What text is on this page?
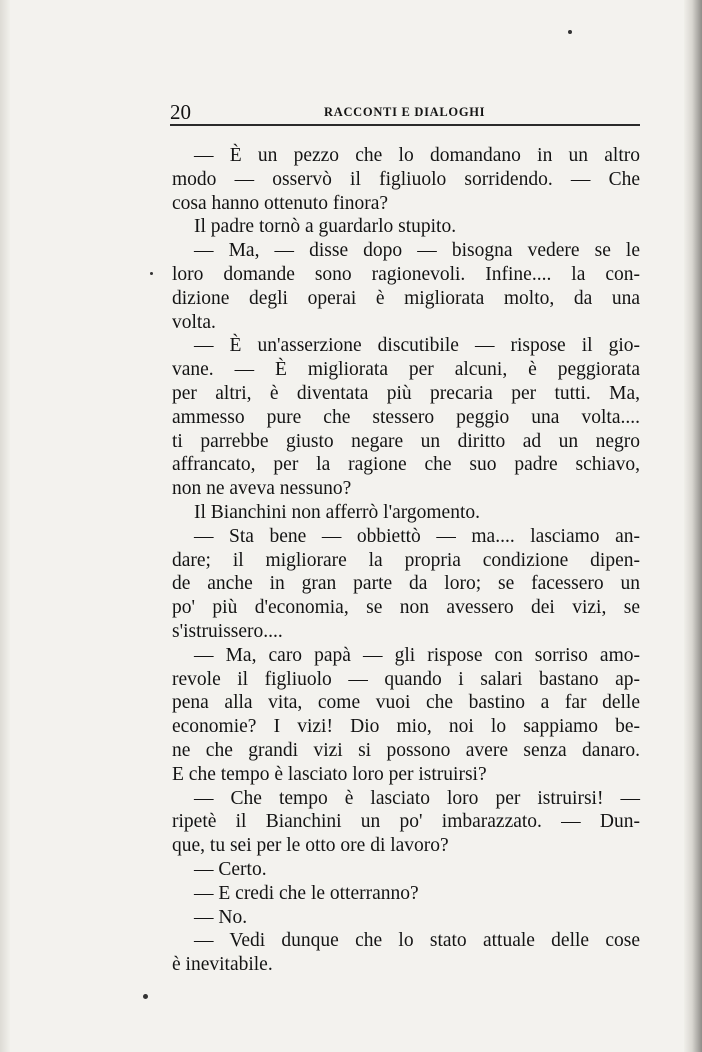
20	RACCONTI E DIALOGHI
— È un pezzo che lo domandano in un altro
modo — osservò il figliuolo sorridendo. — Che
cosa hanno ottenuto finora?
Il padre tornò a guardarlo stupito.
— Ma, — disse dopo — bisogna vedere se le
loro domande sono ragionevoli. Infine.... la con-
dizione degli operai è migliorata molto, da una
volta.
— È un'asserzione discutibile — rispose il gio-
vane. — È migliorata per alcuni, è peggiorata
per altri, è diventata più precaria per tutti. Ma,
ammesso pure che stessero peggio una volta....
ti parrebbe giusto negare un diritto ad un negro
affrancato, per la ragione che suo padre schiavo,
non ne aveva nessuno?
Il Bianchini non afferrò l'argomento.
— Sta bene — obbiettò — ma.... lasciamo an-
dare; il migliorare la propria condizione dipen-
de anche in gran parte da loro; se facessero un
po' più d'economia, se non avessero dei vizi, se
s'istruissero....
— Ma, caro papà — gli rispose con sorriso amo-
revole il figliuolo — quando i salari bastano ap-
pena alla vita, come vuoi che bastino a far delle
economie? I vizi! Dio mio, noi lo sappiamo be-
ne che grandi vizi si possono avere senza danaro.
E che tempo è lasciato loro per istruirsi?
— Che tempo è lasciato loro per istruirsi! —
ripetè il Bianchini un po' imbarazzato. — Dun-
que, tu sei per le otto ore di lavoro?
— Certo.
— E credi che le otterranno?
— No.
— Vedi dunque che lo stato attuale delle cose
è inevitabile.
